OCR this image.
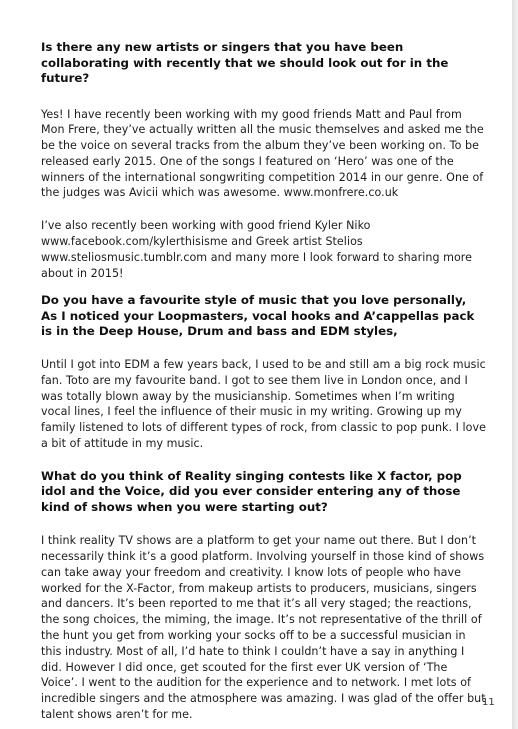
Is there any new artists or singers that you have been collaborating with recently that we should look out for in the future?
Yes! I have recently been working with my good friends Matt and Paul from Mon Frere, they’ve actually written all the music themselves and asked me the be the voice on several tracks from the album they’ve been working on. To be released early 2015. One of the songs I featured on ‘Hero’ was one of the winners of the international songwriting competition 2014 in our genre. One of the judges was Avicii which was awesome. www.monfrere.co.uk
I’ve also recently been working with good friend Kyler Niko www.facebook.com/kylerthisisme and Greek artist Stelios www.steliosmusic.tumblr.com and many more I look forward to sharing more about in 2015!
Do you have a favourite style of music that you love personally, As I noticed your Loopmasters, vocal hooks and A’cappellas pack is in the Deep House, Drum and bass and EDM styles,
Until I got into EDM a few years back, I used to be and still am a big rock music fan. Toto are my favourite band. I got to see them live in London once, and I was totally blown away by the musicianship. Sometimes when I’m writing vocal lines, I feel the influence of their music in my writing. Growing up my family listened to lots of different types of rock, from classic to pop punk. I love a bit of attitude in my music.
What do you think of Reality singing contests like X factor, pop idol and the Voice, did you ever consider entering any of those kind of shows when you were starting out?
I think reality TV shows are a platform to get your name out there. But I don’t necessarily think it’s a good platform. Involving yourself in those kind of shows can take away your freedom and creativity. I know lots of people who have worked for the X-Factor, from makeup artists to producers, musicians, singers and dancers. It’s been reported to me that it’s all very staged; the reactions, the song choices, the miming, the image. It’s not representative of the thrill of the hunt you get from working your socks off to be a successful musician in this industry. Most of all, I’d hate to think I couldn’t have a say in anything I did. However I did once, get scouted for the first ever UK version of ‘The Voice’. I went to the audition for the experience and to network. I met lots of incredible singers and the atmosphere was amazing. I was glad of the offer but talent shows aren’t for me.
11
